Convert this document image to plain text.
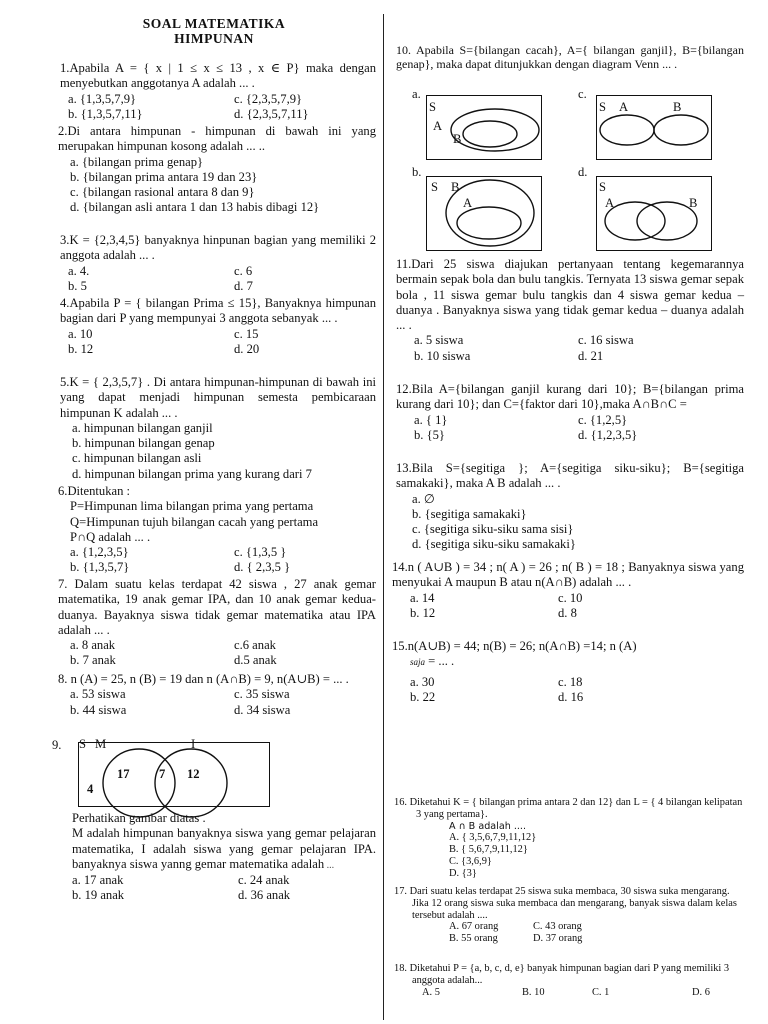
SOAL MATEMATIKA
HIMPUNAN
1.Apabila A = { x | 1 ≤ x ≤ 13 , x ∈ P} maka dengan menyebutkan anggotanya A adalah ... .
a. {1,3,5,7,9}	c. {2,3,5,7,9}
b. {1,3,5,7,11}	d. {2,3,5,7,11}
2.Di antara himpunan - himpunan di bawah ini yang merupakan himpunan kosong adalah ... ..
a. {bilangan prima genap}
b. {bilangan prima antara 19 dan 23}
c. {bilangan rasional antara 8 dan 9}
d. {bilangan asli antara 1 dan 13 habis dibagi 12}
3.K = {2,3,4,5} banyaknya hinpunan bagian yang memiliki 2 anggota adalah ... .
a. 4.	c. 6
b. 5	d. 7
4.Apabila P = { bilangan Prima ≤ 15}, Banyaknya himpunan bagian dari P yang mempunyai 3 anggota sebanyak ... .
a. 10	c. 15
b. 12	d. 20
5.K = { 2,3,5,7} . Di antara himpunan-himpunan di bawah ini yang dapat menjadi himpunan semesta pembicaraan himpunan K adalah ... .
a. himpunan bilangan ganjil
b. himpunan bilangan genap
c. himpunan bilangan asli
d. himpunan bilangan prima yang kurang dari 7
6.Ditentukan :
P=Himpunan lima bilangan prima yang pertama
Q=Himpunan tujuh bilangan cacah yang pertama
P∩Q adalah ... .
a. {1,2,3,5}	c. {1,3,5 }
b. {1,3,5,7}	d. { 2,3,5 }
7. Dalam suatu kelas terdapat 42 siswa , 27 anak gemar matematika, 19 anak gemar IPA, dan 10 anak gemar kedua-duanya. Bayaknya siswa tidak gemar matematika atau IPA adalah ... .
a. 8 anak	c.6 anak
b. 7 anak	d.5 anak
8. n (A) = 25, n (B) = 19 dan n (A∩B) = 9, n(A∪B) = ... .
a. 53 siswa	c. 35 siswa
b. 44 siswa	d. 34 siswa
9. S M	I
17 7 12
4
Perhatikan gambar diatas .
M adalah himpunan banyaknya siswa yang gemar pelajaran matematika, I adalah siswa yang gemar pelajaran IPA. banyaknya siswa yanng gemar matematika adalah ...
a. 17 anak	c. 24 anak
b. 19 anak	d. 36 anak
10. Apabila S={bilangan cacah}, A={ bilangan ganjil}, B={bilangan genap}, maka dapat ditunjukkan dengan diagram Venn ... .
a.	c.
S
A
B
S A	B
b.	d.
S B
A
S
A	B
11.Dari 25 siswa diajukan pertanyaan tentang kegemarannya bermain sepak bola dan bulu tangkis. Ternyata 13 siswa gemar sepak bola , 11 siswa gemar bulu tangkis dan 4 siswa gemar kedua – duanya . Banyaknya siswa yang tidak gemar kedua – duanya adalah ... .
a. 5 siswa	c. 16 siswa
b. 10 siswa	d. 21
12.Bila A={bilangan ganjil kurang dari 10}; B={bilangan prima kurang dari 10}; dan C={faktor dari 10},maka A∩B∩C =
a. { 1}	c. {1,2,5}
b. {5}	d. {1,2,3,5}
13.Bila S={segitiga }; A={segitiga siku-siku}; B={segitiga samakaki}, maka A B adalah ... .
a. ∅
b. {segitiga samakaki}
c. {segitiga siku-siku sama sisi}
d. {segitiga siku-siku samakaki}
14.n ( A∪B ) = 34 ; n( A ) = 26 ; n( B ) = 18 ; Banyaknya siswa yang menyukai A maupun B atau n(A∩B) adalah ... .
a. 14	c. 10
b. 12	d. 8
15.n(A∪B) = 44; n(B) = 26; n(A∩B) =14; n (A)
saja = ... .
a. 30	c. 18
b. 22	d. 16
16. Diketahui K = { bilangan prima antara 2 dan 12} dan L = { 4 bilangan kelipatan 3 yang pertama}.
A ∩ B adalah ....
A. { 3,5,6,7,9,11,12}
B. { 5,6,7,9,11,12}
C. {3,6,9}
D. {3}
17. Dari suatu kelas terdapat 25 siswa suka membaca, 30 siswa suka mengarang. Jika 12 orang siswa suka membaca dan mengarang, banyak siswa dalam kelas tersebut adalah ....
A. 67 orang	C. 43 orang
B. 55 orang	D. 37 orang
18. Diketahui P = {a, b, c, d, e} banyak himpunan bagian dari P yang memiliki 3 anggota adalah...
A. 5	B. 10	C. 1	D. 6
